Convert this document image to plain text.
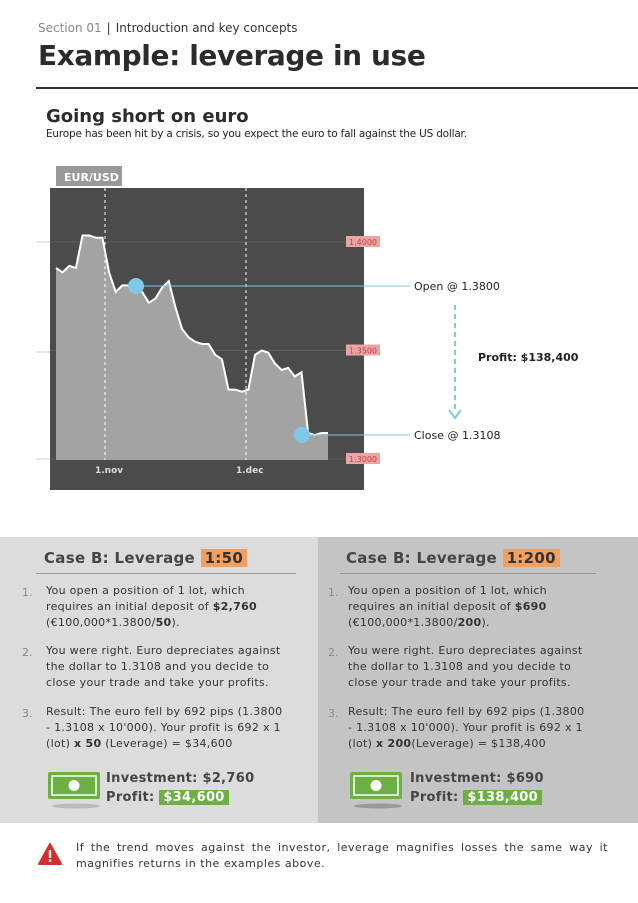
Section 01 | Introduction and key concepts
Example: leverage in use
Going short on euro
Europe has been hit by a crisis, so you expect the euro to fall against the US dollar.
EUR/USD
1.nov	1.dec
1.4000
1.3500
1.3000
Open @ 1.3800
Close @ 1.3108
Profit: $138,400
Case B: Leverage 1:50
1. You open a position of 1 lot, which
requires an initial deposit of $2,760
(€100,000*1.3800/50).
2. You were right. Euro depreciates against
the dollar to 1.3108 and you decide to
close your trade and take your profits.
3. Result: The euro fell by 692 pips (1.3800
- 1.3108 x 10'000). Your profit is 692 x 1
(lot) x 50 (Leverage) = $34,600
Investment: $2,760
Profit: $34,600
Case B: Leverage 1:200
1. You open a position of 1 lot, which
requires an initial deposit of $690
(€100,000*1.3800/200).
2. You were right. Euro depreciates against
the dollar to 1.3108 and you decide to
close your trade and take your profits.
3. Result: The euro fell by 692 pips (1.3800
- 1.3108 x 10'000). Your profit is 692 x 1
(lot) x 200(Leverage) = $138,400
Investment: $690
Profit: $138,400
If the trend moves against the investor, leverage magnifies losses the same way it magnifies returns in the examples above.
